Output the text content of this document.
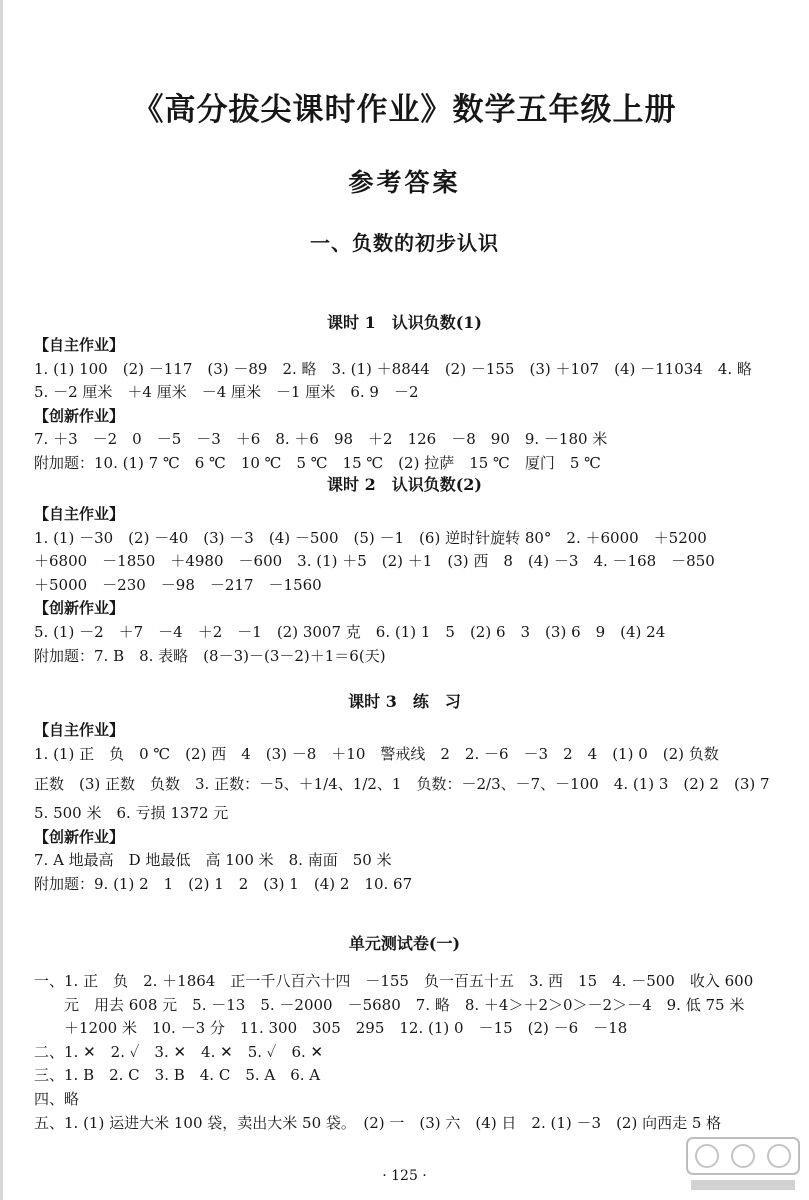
《高分拔尖课时作业》数学五年级上册
参考答案
一、负数的初步认识
课时 1　认识负数(1)
【自主作业】
1. (1) 100　(2) －117　(3) －89　2. 略　3. (1) ＋8844　(2) －155　(3) ＋107　(4) －11034　4. 略
5. －2 厘米　＋4 厘米　－4 厘米　－1 厘米　6. 9　－2
【创新作业】
7. ＋3　－2　0　－5　－3　＋6　8. ＋6　98　＋2　126　－8　90　9. －180 米
附加题：10. (1) 7 ℃　6 ℃　10 ℃　5 ℃　15 ℃　(2) 拉萨　15 ℃　厦门　5 ℃
课时 2　认识负数(2)
【自主作业】
1. (1) －30　(2) －40　(3) －3　(4) －500　(5) －1　(6) 逆时针旋转 80°　2. ＋6000　＋5200
＋6800　－1850　＋4980　－600　3. (1) ＋5　(2) ＋1　(3) 西　8　(4) －3　4. －168　－850
＋5000　－230　－98　－217　－1560
【创新作业】
5. (1) －2　＋7　－4　＋2　－1　(2) 3007 克　6. (1) 1　5　(2) 6　3　(3) 6　9　(4) 24
附加题：7. B　8. 表略　(8－3)－(3－2)＋1＝6(天)
课时 3　练　习
【自主作业】
1. (1) 正　负　0 ℃　(2) 西　4　(3) －8　＋10　警戒线　2　2. －6　－3　2　4　(1) 0　(2) 负数
正数　(3) 正数　负数　3. 正数：－5、＋1/4、1/2、1　负数：－2/3、－7、－100　4. (1) 3　(2) 2　(3) 7
5. 500 米　6. 亏损 1372 元
【创新作业】
7. A 地最高　D 地最低　高 100 米　8. 南面　50 米
附加题：9. (1) 2　1　(2) 1　2　(3) 1　(4) 2　10. 67
单元测试卷(一)
一、1. 正　负　2. ＋1864　正一千八百六十四　－155　负一百五十五　3. 西　15　4. －500　收入 600
　　元　用去 608 元　5. －13　5. －2000　－5680　7. 略　8. ＋4＞＋2＞0＞－2＞－4　9. 低 75 米
　　＋1200 米　10. －3 分　11. 300　305　295　12. (1) 0　－15　(2) －6　－18
二、1. ✕　2. ✓　3. ✕　4. ✕　5. ✓　6. ✕
三、1. B　2. C　3. B　4. C　5. A　6. A
四、略
五、1. (1) 运进大米 100 袋，卖出大米 50 袋。　(2) 一　(3) 六　(4) 日　2. (1) －3　(2) 向西走 5 格
· 125 ·
